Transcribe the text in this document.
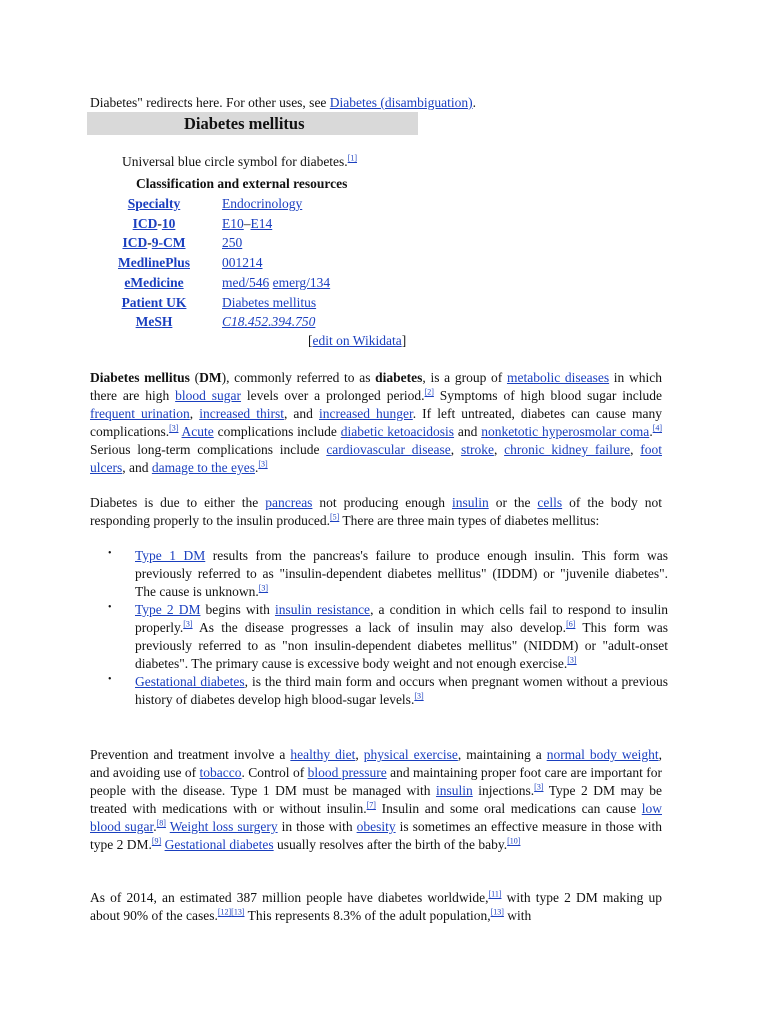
Diabetes" redirects here. For other uses, see Diabetes (disambiguation).
Diabetes mellitus
Universal blue circle symbol for diabetes.[1]
Classification and external resources
Specialty	Endocrinology
ICD-10	E10–E14
ICD-9-CM	250
MedlinePlus	001214
eMedicine	med/546 emerg/134
Patient UK	Diabetes mellitus
MeSH	C18.452.394.750
[edit on Wikidata]
Diabetes mellitus (DM), commonly referred to as diabetes, is a group of metabolic diseases in which there are high blood sugar levels over a prolonged period.[2] Symptoms of high blood sugar include frequent urination, increased thirst, and increased hunger. If left untreated, diabetes can cause many complications.[3] Acute complications include diabetic ketoacidosis and nonketotic hyperosmolar coma.[4] Serious long-term complications include cardiovascular disease, stroke, chronic kidney failure, foot ulcers, and damage to the eyes.[3]
Diabetes is due to either the pancreas not producing enough insulin or the cells of the body not responding properly to the insulin produced.[5] There are three main types of diabetes mellitus:
• Type 1 DM results from the pancreas's failure to produce enough insulin. This form was previously referred to as "insulin-dependent diabetes mellitus" (IDDM) or "juvenile diabetes". The cause is unknown.[3]
• Type 2 DM begins with insulin resistance, a condition in which cells fail to respond to insulin properly.[3] As the disease progresses a lack of insulin may also develop.[6] This form was previously referred to as "non insulin-dependent diabetes mellitus" (NIDDM) or "adult-onset diabetes". The primary cause is excessive body weight and not enough exercise.[3]
• Gestational diabetes, is the third main form and occurs when pregnant women without a previous history of diabetes develop high blood-sugar levels.[3]
Prevention and treatment involve a healthy diet, physical exercise, maintaining a normal body weight, and avoiding use of tobacco. Control of blood pressure and maintaining proper foot care are important for people with the disease. Type 1 DM must be managed with insulin injections.[3] Type 2 DM may be treated with medications with or without insulin.[7] Insulin and some oral medications can cause low blood sugar.[8] Weight loss surgery in those with obesity is sometimes an effective measure in those with type 2 DM.[9] Gestational diabetes usually resolves after the birth of the baby.[10]
As of 2014, an estimated 387 million people have diabetes worldwide,[11] with type 2 DM making up about 90% of the cases.[12][13] This represents 8.3% of the adult population,[13] with
